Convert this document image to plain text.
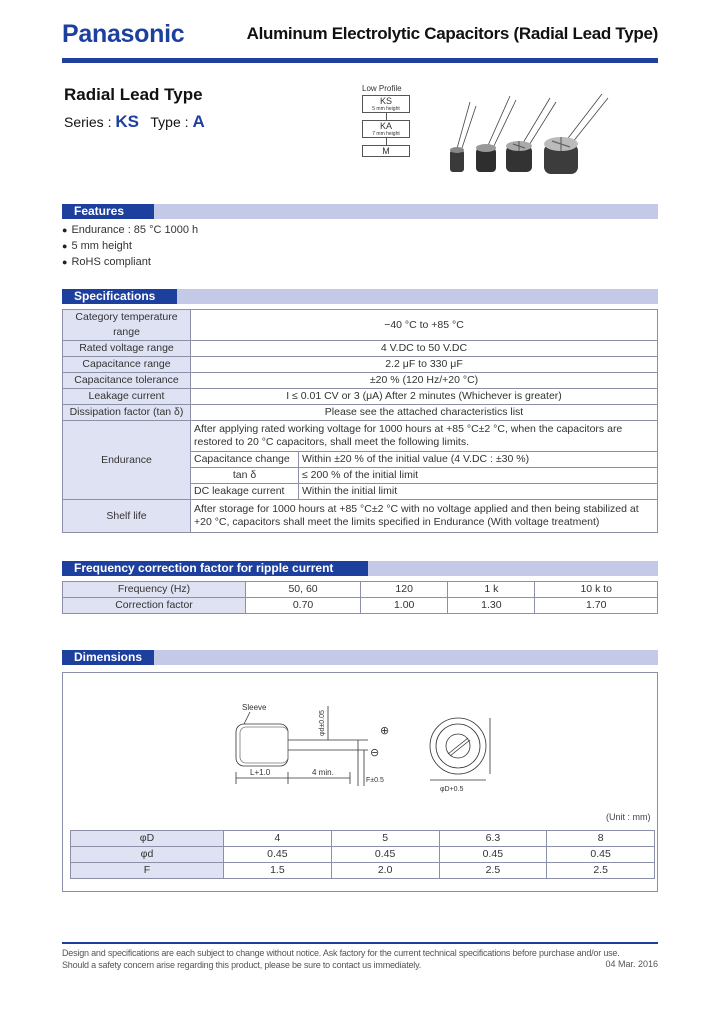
Panasonic	Aluminum Electrolytic Capacitors (Radial Lead Type)
Radial Lead Type
Series : KS Type : A
Low Profile
KS
5 mm height
KA
7 mm height
M
Features
● Endurance : 85 °C 1000 h
● 5 mm height
● RoHS compliant
Specifications
Category temperature range	−40 °C to +85 °C	
Rated voltage range	4 V.DC to 50 V.DC	
Capacitance range	2.2 μF to 330 μF	
Capacitance tolerance	±20 % (120 Hz/+20 °C)	
Leakage current	I ≤ 0.01 CV or 3 (μA) After 2 minutes (Whichever is greater)	
Dissipation factor (tan δ)	Please see the attached characteristics list	
Endurance	After applying rated working voltage for 1000 hours at +85 °C±2 °C, when the capacitors are restored to 20 °C capacitors, shall meet the following limits.	
	Capacitance change	Within ±20 % of the initial value (4 V.DC : ±30 %)
	tan δ	≤ 200 % of the initial limit
	DC leakage current	Within the initial limit
Shelf life	After storage for 1000 hours at +85 °C±2 °C with no voltage applied and then being stabilized at +20 °C, capacitors shall meet the limits specified in Endurance (With voltage treatment)	
Frequency correction factor for ripple current
Frequency (Hz)	50, 60	120	1 k	10 k to
Correction factor	0.70	1.00	1.30	1.70
Dimensions
Sleeve
φd±0.05
L+1.0	4 min.
F±0.5
φD+0.5
⊕
⊖
(Unit : mm)
φD	4	5	6.3	8
φd	0.45	0.45	0.45	0.45
F	1.5	2.0	2.5	2.5
Design and specifications are each subject to change without notice. Ask factory for the current technical specifications before purchase and/or use.
Should a safety concern arise regarding this product, please be sure to contact us immediately.	04 Mar. 2016
